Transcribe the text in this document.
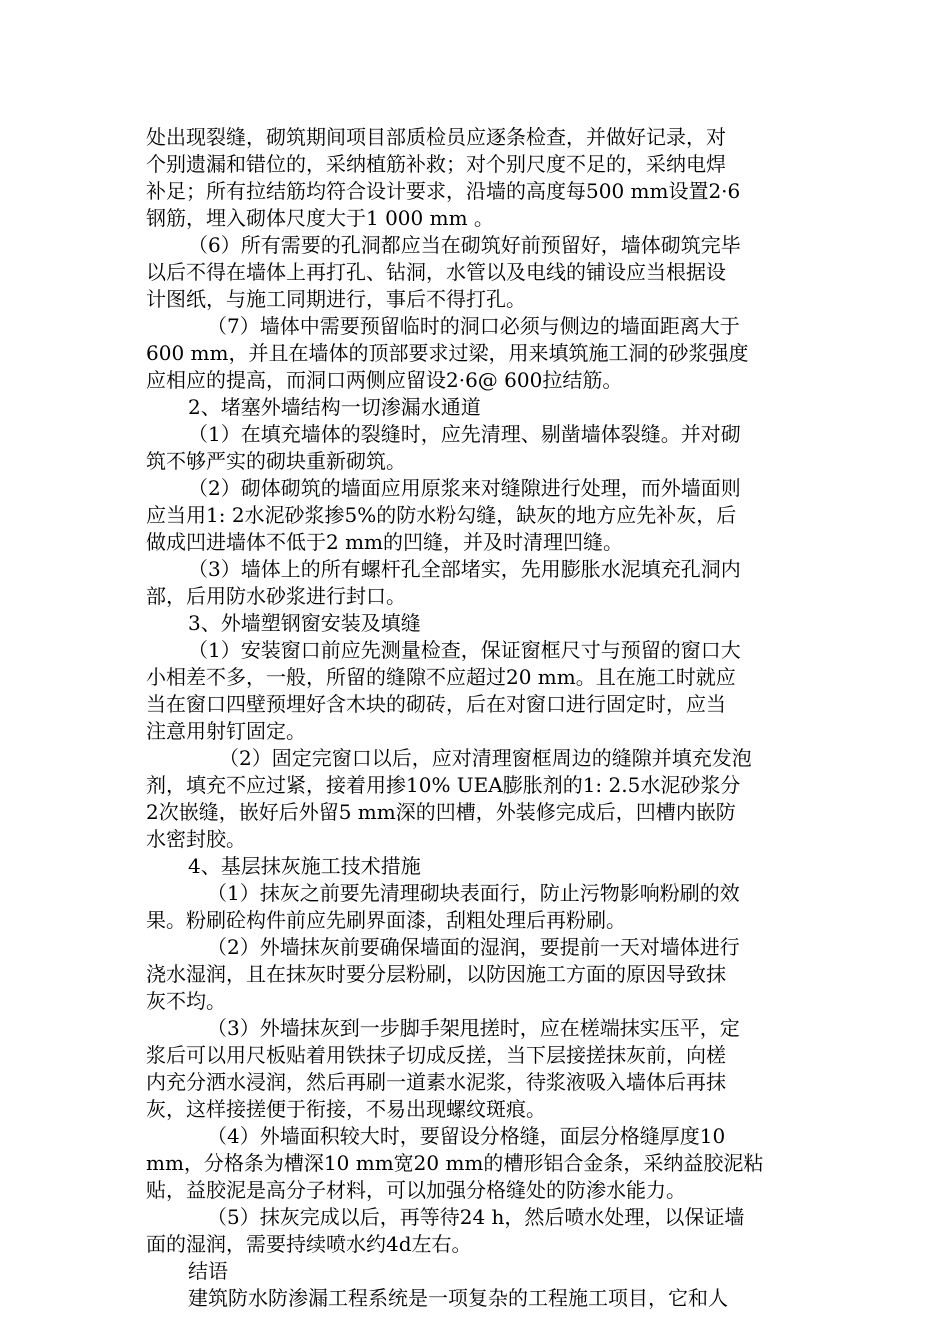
处出现裂缝，砌筑期间项目部质检员应逐条检查，并做好记录，对
个别遗漏和错位的，采纳植筋补救；对个别尺度不足的，采纳电焊
补足；所有拉结筋均符合设计要求，沿墙的高度每500 mm设置2·6
钢筋，埋入砌体尺度大于1 000 mm 。
（6）所有需要的孔洞都应当在砌筑好前预留好，墙体砌筑完毕
以后不得在墙体上再打孔、钻洞，水管以及电线的铺设应当根据设
计图纸，与施工同期进行，事后不得打孔。
（7）墙体中需要预留临时的洞口必须与侧边的墙面距离大于
600 mm，并且在墙体的顶部要求过梁，用来填筑施工洞的砂浆强度
应相应的提高，而洞口两侧应留设2·6@ 600拉结筋。
2、堵塞外墙结构一切渗漏水通道
（1）在填充墙体的裂缝时，应先清理、剔凿墙体裂缝。并对砌
筑不够严实的砌块重新砌筑。
（2）砌体砌筑的墙面应用原浆来对缝隙进行处理，而外墙面则
应当用1: 2水泥砂浆掺5%的防水粉勾缝，缺灰的地方应先补灰，后
做成凹进墙体不低于2 mm的凹缝，并及时清理凹缝。
（3）墙体上的所有螺杆孔全部堵实，先用膨胀水泥填充孔洞内
部，后用防水砂浆进行封口。
3、外墙塑钢窗安装及填缝
（1）安装窗口前应先测量检查，保证窗框尺寸与预留的窗口大
小相差不多，一般，所留的缝隙不应超过20 mm。且在施工时就应
当在窗口四壁预埋好含木块的砌砖，后在对窗口进行固定时，应当
注意用射钉固定。
（2）固定完窗口以后，应对清理窗框周边的缝隙并填充发泡
剂，填充不应过紧，接着用掺10% UEA膨胀剂的1: 2.5水泥砂浆分
2次嵌缝，嵌好后外留5 mm深的凹槽，外装修完成后，凹槽内嵌防
水密封胶。
4、基层抹灰施工技术措施
（1）抹灰之前要先清理砌块表面行，防止污物影响粉刷的效
果。粉刷砼构件前应先刷界面漆，刮粗处理后再粉刷。
（2）外墙抹灰前要确保墙面的湿润，要提前一天对墙体进行
浇水湿润，且在抹灰时要分层粉刷，以防因施工方面的原因导致抹
灰不均。
（3）外墙抹灰到一步脚手架甩搓时，应在槎端抹实压平，定
浆后可以用尺板贴着用铁抹子切成反搓，当下层接搓抹灰前，向槎
内充分洒水浸润，然后再刷一道素水泥浆，待浆液吸入墙体后再抹
灰，这样接搓便于衔接，不易出现螺纹斑痕。
（4）外墙面积较大时，要留设分格缝，面层分格缝厚度10
mm，分格条为槽深10 mm宽20 mm的槽形铝合金条，采纳益胶泥粘
贴，益胶泥是高分子材料，可以加强分格缝处的防渗水能力。
（5）抹灰完成以后，再等待24 h，然后喷水处理，以保证墙
面的湿润，需要持续喷水约4d左右。
结语
建筑防水防渗漏工程系统是一项复杂的工程施工项目，它和人
